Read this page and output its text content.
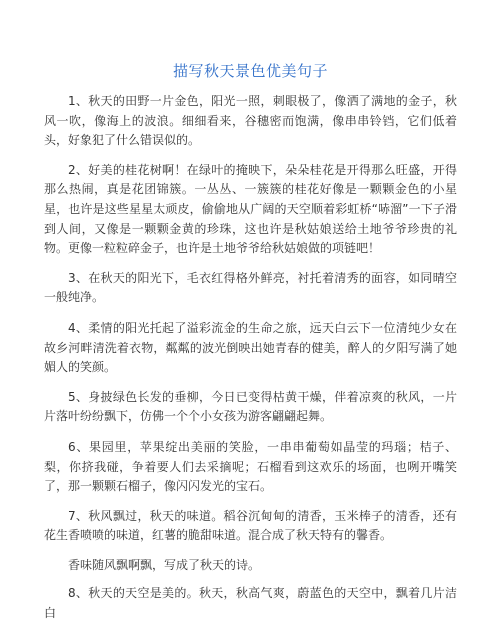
描写秋天景色优美句子

1、秋天的田野一片金色，阳光一照，刺眼极了，像洒了满地的金子，秋风一吹，像海上的波浪。细细看来，谷穗密而饱满，像串串铃铛，它们低着头，好象犯了什么错误似的。

2、好美的桂花树啊！在绿叶的掩映下，朵朵桂花是开得那么旺盛，开得那么热闹，真是花团锦簇。一丛丛、一簇簇的桂花好像是一颗颗金色的小星星，也许是这些星星太顽皮，偷偷地从广阔的天空顺着彩虹桥“哧溜”一下子滑到人间，又像是一颗颗金黄的珍珠，这也许是秋姑娘送给土地爷爷珍贵的礼物。更像一粒粒碎金子，也许是土地爷爷给秋姑娘做的项链吧！

3、在秋天的阳光下，毛衣红得格外鲜亮，衬托着清秀的面容，如同晴空一般纯净。

4、柔情的阳光托起了溢彩流金的生命之旅，远天白云下一位清纯少女在故乡河畔清洗着衣物，粼粼的波光倒映出她青春的健美，醉人的夕阳写满了她媚人的笑颜。

5、身披绿色长发的垂柳，今日已变得枯黄干燥，伴着凉爽的秋风，一片片落叶纷纷飘下，仿佛一个个小女孩为游客翩翩起舞。

6、果园里，苹果绽出美丽的笑脸，一串串葡萄如晶莹的玛瑙；桔子、梨，你挤我碰，争着要人们去采摘呢；石榴看到这欢乐的场面，也咧开嘴笑了，那一颗颗石榴子，像闪闪发光的宝石。

7、秋风飘过，秋天的味道。稻谷沉甸甸的清香，玉米棒子的清香，还有花生香喷喷的味道，红薯的脆甜味道。混合成了秋天特有的馨香。

香味随风飘啊飘，写成了秋天的诗。

8、秋天的天空是美的。秋天，秋高气爽，蔚蓝色的天空中，飘着几片洁白
